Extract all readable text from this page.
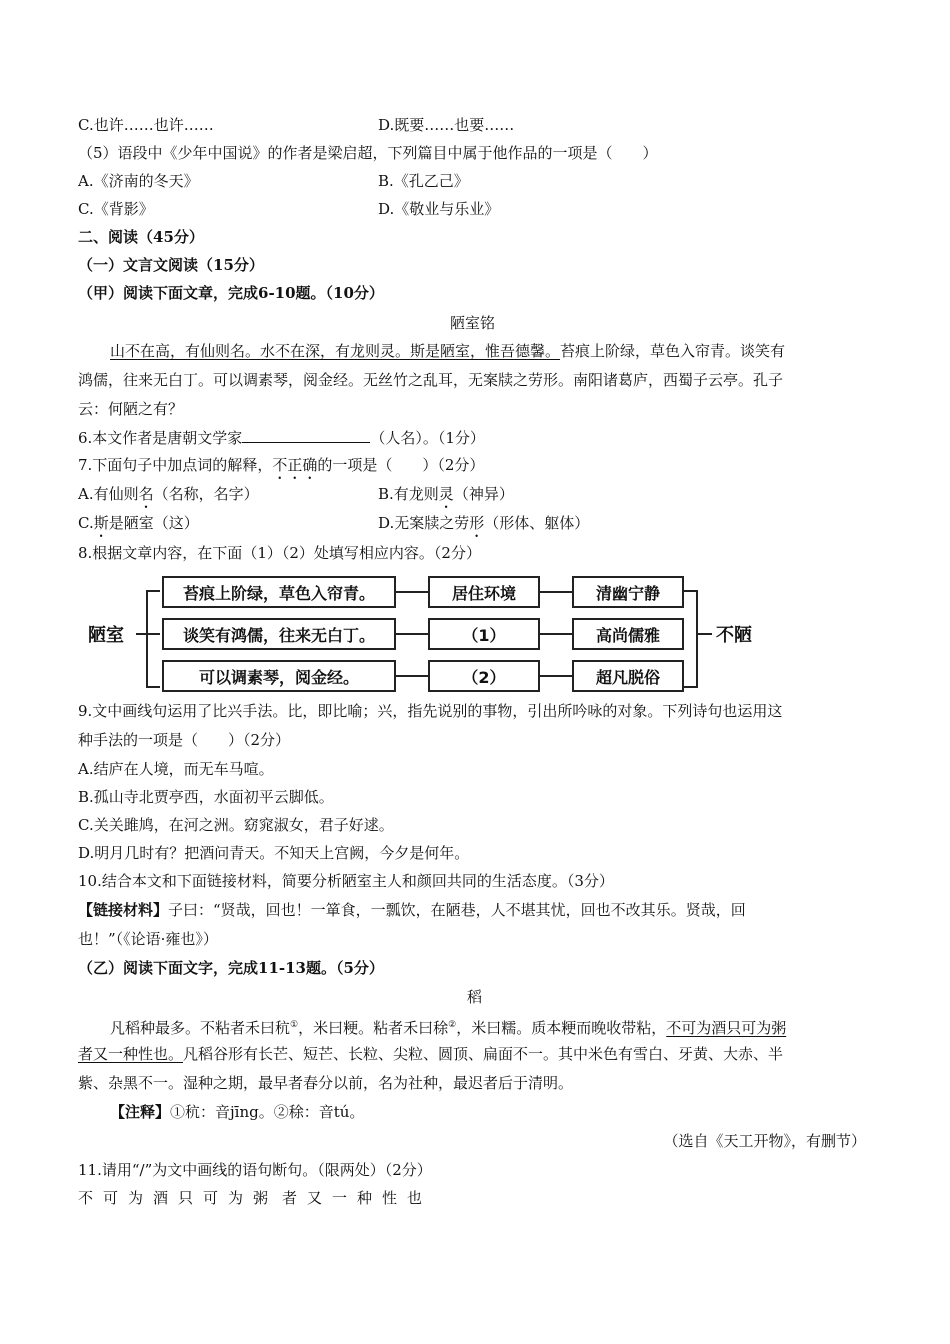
C.也许……也许……	D.既要……也要……
（5）语段中《少年中国说》的作者是梁启超，下列篇目中属于他作品的一项是（　　）
A.《济南的冬天》	B.《孔乙己》
C.《背影》	D.《敬业与乐业》
二、阅读（45分）
（一）文言文阅读（15分）
（甲）阅读下面文章，完成6-10题。（10分）
陋室铭
山不在高，有仙则名。水不在深，有龙则灵。斯是陋室，惟吾德馨。苔痕上阶绿，草色入帘青。谈笑有
鸿儒，往来无白丁。可以调素琴，阅金经。无丝竹之乱耳，无案牍之劳形。南阳诸葛庐，西蜀子云亭。孔子
云：何陋之有？
6.本文作者是唐朝文学家	（人名）。（1分）
7.下面句子中加点词的解释，不正确的一项是（　　）（2分）
A.有仙则名（名称，名字）	B.有龙则灵（神异）
C.斯是陋室（这）	D.无案牍之劳形（形体、躯体）
8.根据文章内容，在下面（1）（2）处填写相应内容。（2分）
陋室	不陋
苔痕上阶绿，草色入帘青。	居住环境	清幽宁静
谈笑有鸿儒，往来无白丁。	（1）	高尚儒雅
可以调素琴，阅金经。	（2）	超凡脱俗
9.文中画线句运用了比兴手法。比，即比喻；兴，指先说别的事物，引出所吟咏的对象。下列诗句也运用这
种手法的一项是（　　）（2分）
A.结庐在人境，而无车马喧。
B.孤山寺北贾亭西，水面初平云脚低。
C.关关雎鸠，在河之洲。窈窕淑女，君子好逑。
D.明月几时有？把酒问青天。不知天上宫阙，今夕是何年。
10.结合本文和下面链接材料，简要分析陋室主人和颜回共同的生活态度。（3分）
【链接材料】子曰：“贤哉，回也！一箪食，一瓢饮，在陋巷，人不堪其忧，回也不改其乐。贤哉，回
也！”（《论语·雍也》）
（乙）阅读下面文字，完成11-13题。（5分）
稻
凡稻种最多。不粘者禾曰秔①，米曰粳。粘者禾曰稌②，米曰糯。质本粳而晚收带粘，不可为酒只可为粥
者又一种性也。凡稻谷形有长芒、短芒、长粒、尖粒、圆顶、扁面不一。其中米色有雪白、牙黄、大赤、半
紫、杂黑不一。湿种之期，最早者春分以前，名为社种，最迟者后于清明。
【注释】①秔：音jīng。②稌：音tú。
（选自《天工开物》，有删节）
11.请用“/”为文中画线的语句断句。（限两处）（2分）
不可为酒只可为粥 者又一种性也
